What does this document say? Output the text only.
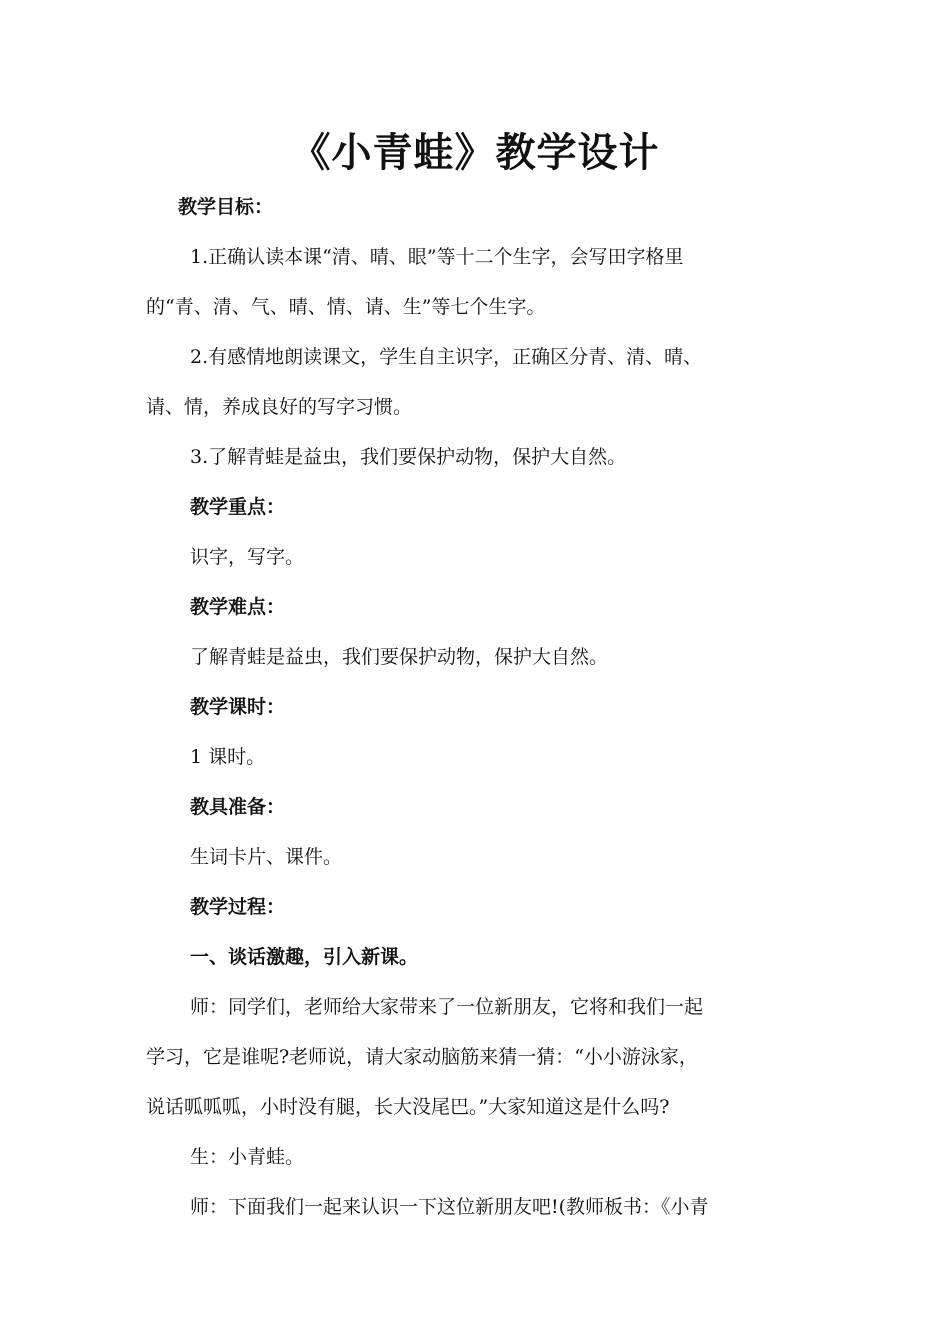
《小青蛙》教学设计

教学目标：

1.正确认读本课“清、晴、眼”等十二个生字，会写田字格里

的“青、清、气、晴、情、请、生”等七个生字。

2.有感情地朗读课文，学生自主识字，正确区分青、清、晴、

请、情，养成良好的写字习惯。

3.了解青蛙是益虫，我们要保护动物，保护大自然。

教学重点：

识字，写字。

教学难点：

了解青蛙是益虫，我们要保护动物，保护大自然。

教学课时：

1 课时。

教具准备：

生词卡片、课件。

教学过程：

一、谈话激趣，引入新课。

师：同学们，老师给大家带来了一位新朋友，它将和我们一起

学习，它是谁呢?老师说，请大家动脑筋来猜一猜：“小小游泳家，

说话呱呱呱，小时没有腿，长大没尾巴。”大家知道这是什么吗?

生：小青蛙。

师：下面我们一起来认识一下这位新朋友吧!(教师板书：《小青
